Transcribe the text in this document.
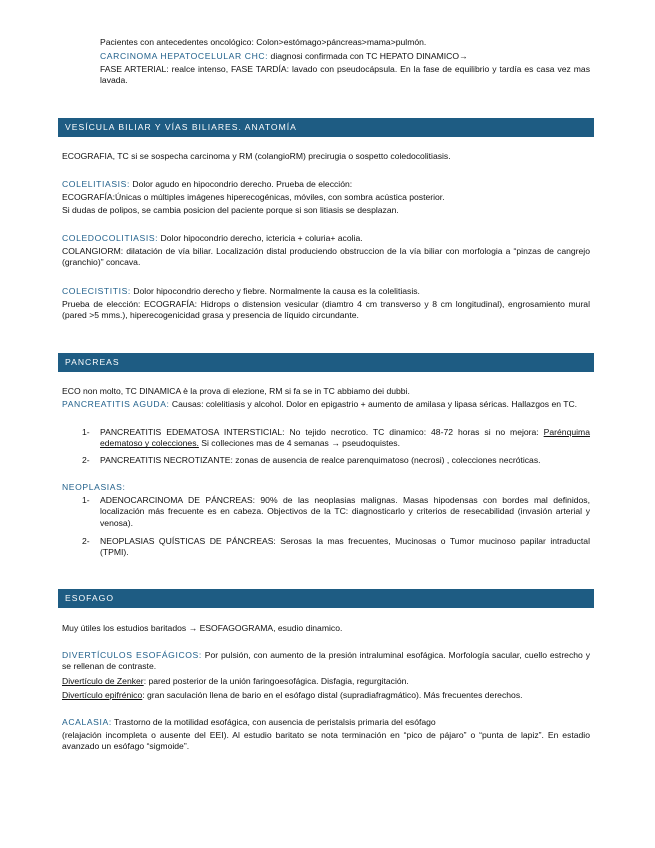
Pacientes con antecedentes oncológico: Colon>estómago>páncreas>mama>pulmón.
CARCINOMA HEPATOCELULAR CHC: diagnosi confirmada con TC HEPATO DINAMICO→
FASE ARTERIAL: realce intenso, FASE TARDÍA: lavado con pseudocápsula. En la fase de equilibrio y tardía es casa vez mas lavada.
VESÍCULA BILIAR Y VÍAS BILIARES. ANATOMÍA
ECOGRAFIA, TC si se sospecha carcinoma y RM (colangioRM) precirugia o sospetto coledocolitiasis.
COLELITIASIS: Dolor agudo en hipocondrio derecho. Prueba de elección:
ECOGRAFÍA:Únicas o múltiples imágenes hiperecogénicas, móviles, con sombra acústica posterior.
Si dudas de polipos, se cambia posicion del paciente porque si son litiasis se desplazan.
COLEDOCOLITIASIS: Dolor hipocondrio derecho, ictericia + coluria+ acolia.
COLANGIORM: dilatación de vía biliar. Localización distal produciendo obstruccion de la vía biliar con morfologia a “pinzas de cangrejo (granchio)” concava.
COLECISTITIS: Dolor hipocondrio derecho y fiebre. Normalmente la causa es la colelitiasis.
Prueba de elección: ECOGRAFÍA: Hidrops o distension vesicular (diamtro 4 cm transverso y 8 cm longitudinal), engrosamiento mural (pared >5 mms.), hiperecogenicidad grasa y presencia de líquido circundante.
PANCREAS
ECO non molto, TC DINAMICA è la prova di elezione, RM si fa se in TC abbiamo dei dubbi.
PANCREATITIS AGUDA: Causas: colelitiasis y alcohol. Dolor en epigastrio + aumento de amilasa y lipasa séricas. Hallazgos en TC.
1- PANCREATITIS EDEMATOSA INTERSTICIAL: No tejido necrotico. TC dinamico: 48-72 horas si no mejora: Parénquima edematoso y colecciones. Si colleciones mas de 4 semanas → pseudoquistes.
2- PANCREATITIS NECROTIZANTE: zonas de ausencia de realce parenquimatoso (necrosi) , colecciones necróticas.
NEOPLASIAS:
1- ADENOCARCINOMA DE PÁNCREAS: 90% de las neoplasias malignas. Masas hipodensas con bordes mal definidos, localización más frecuente es en cabeza. Objectivos de la TC: diagnosticarlo y criterios de resecabilidad (invasión arterial y venosa).
2- NEOPLASIAS QUÍSTICAS DE PÁNCREAS: Serosas la mas frecuentes, Mucinosas o Tumor mucinoso papilar intraductal (TPMI).
ESOFAGO
Muy útiles los estudios baritados → ESOFAGOGRAMA, esudio dinamico.
DIVERTÍCULOS ESOFÁGICOS: Por pulsión, con aumento de la presión intraluminal esofágica. Morfología sacular, cuello estrecho y se rellenan de contraste.
Divertículo de Zenker: pared posterior de la unión faringoesofágica. Disfagia, regurgitación.
Divertículo epifrénico: gran saculación llena de bario en el esófago distal (supradiafragmático). Más frecuentes derechos.
ACALASIA: Trastorno de la motilidad esofágica, con ausencia de peristalsis primaria del esófago
(relajación incompleta o ausente del EEI). Al estudio baritato se nota terminación en “pico de pájaro” o “punta de lapiz”. En estadio avanzado un esófago “sigmoide”.
